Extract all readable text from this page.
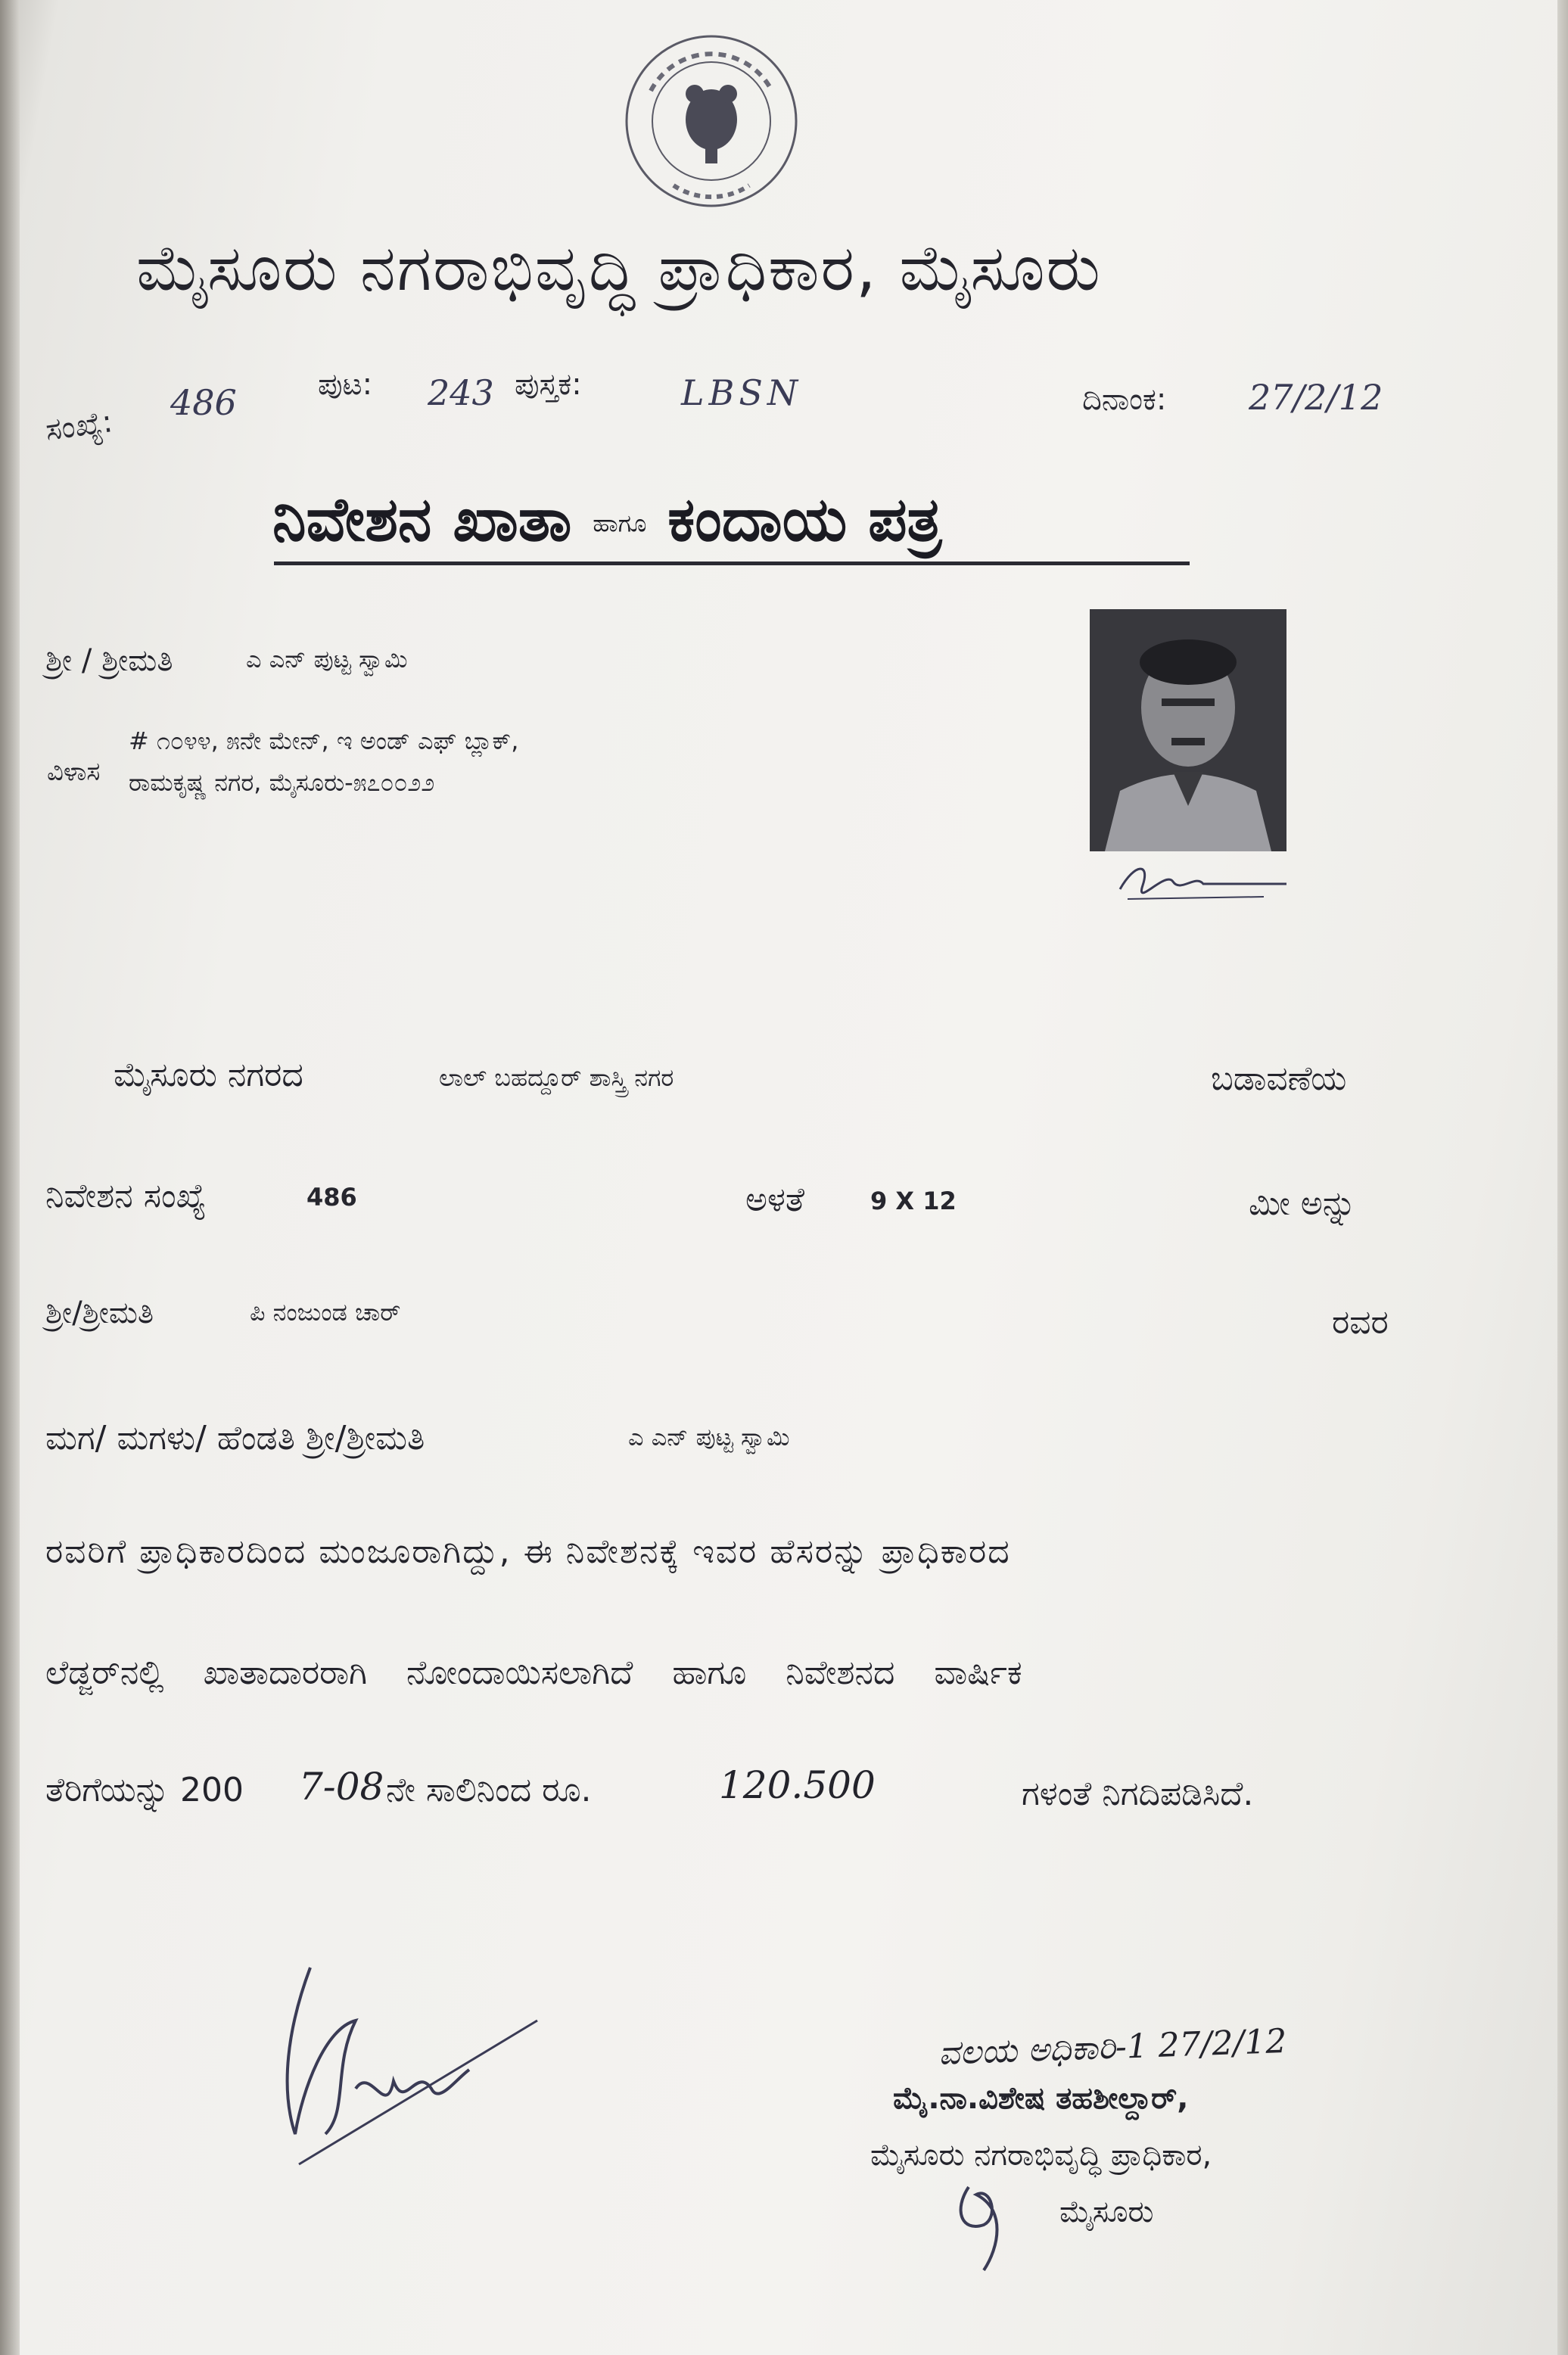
ಮೈಸೂರು ನಗರಾಭಿವೃದ್ಧಿ ಪ್ರಾಧಿಕಾರ, ಮೈಸೂರು
ಸಂಖ್ಯೆ:
486	ಪುಟ: 243 ಪುಸ್ತಕ:	LBSN	ದಿನಾಂಕ: 27/2/12
ನಿವೇಶನ ಖಾತಾ ಹಾಗೂ ಕಂದಾಯ ಪತ್ರ
ಶ್ರೀ / ಶ್ರೀಮತಿ	ಎ ಎನ್ ಪುಟ್ಟ ಸ್ವಾಮಿ
ವಿಳಾಸ
# ೧೦೪೪, ೫ನೇ ಮೇನ್, ಇ ಅಂಡ್ ಎಫ್ ಬ್ಲಾಕ್,
ರಾಮಕೃಷ್ಣ ನಗರ, ಮೈಸೂರು-೫೭೦೦೨೨
ಮೈಸೂರು ನಗರದ	ಲಾಲ್ ಬಹದ್ದೂರ್ ಶಾಸ್ತ್ರಿ ನಗರ	ಬಡಾವಣೆಯ
ನಿವೇಶನ ಸಂಖ್ಯೆ	486	ಅಳತೆ	9 X 12	ಮೀ ಅನ್ನು
ಶ್ರೀ/ಶ್ರೀಮತಿ	ಪಿ ನಂಜುಂಡ ಚಾರ್	ರವರ
ಮಗ/ ಮಗಳು/ ಹೆಂಡತಿ ಶ್ರೀ/ಶ್ರೀಮತಿ	ಎ ಎನ್ ಪುಟ್ಟ ಸ್ವಾಮಿ
ರವರಿಗೆ ಪ್ರಾಧಿಕಾರದಿಂದ ಮಂಜೂರಾಗಿದ್ದು, ಈ ನಿವೇಶನಕ್ಕೆ ಇವರ ಹೆಸರನ್ನು ಪ್ರಾಧಿಕಾರದ
ಲೆಡ್ಜರ್‌ನಲ್ಲಿ ಖಾತಾದಾರರಾಗಿ ನೋಂದಾಯಿಸಲಾಗಿದೆ ಹಾಗೂ ನಿವೇಶನದ ವಾರ್ಷಿಕ
ತೆರಿಗೆಯನ್ನು 200 7-08 ನೇ ಸಾಲಿನಿಂದ ರೂ.	120.500	ಗಳಂತೆ ನಿಗದಿಪಡಿಸಿದೆ.
ವಲಯ ಅಧಿಕಾರಿ-1 27/2/12
ಮೈ.ನಾ.ವಿಶೇಷ ತಹಶೀಲ್ದಾರ್,
ಮೈಸೂರು ನಗರಾಭಿವೃದ್ಧಿ ಪ್ರಾಧಿಕಾರ,
ಮೈಸೂರು
